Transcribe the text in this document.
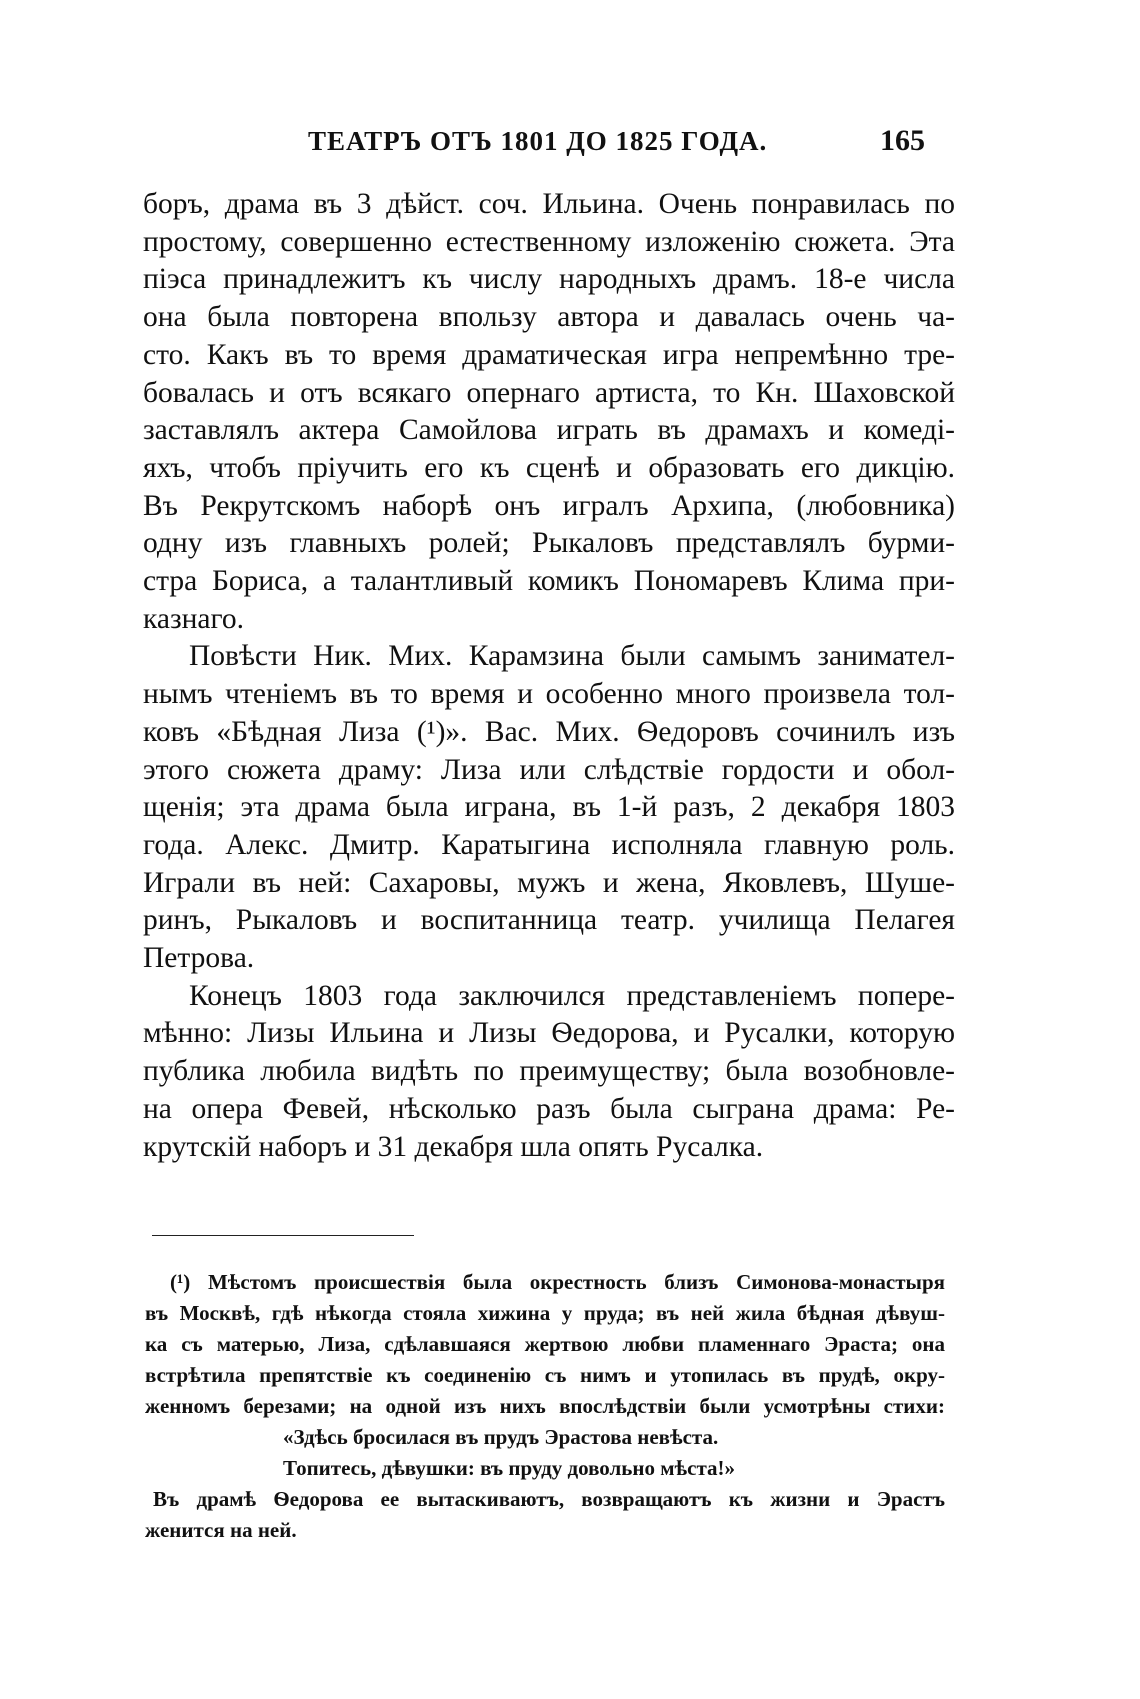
ТЕАТРЪ ОТЪ 1801 ДО 1825 ГОДА.	165

боръ, драма въ 3 дѣйст. соч. Ильина. Очень понравилась по
простому, совершенно естественному изложенію сюжета. Эта
піэса принадлежитъ къ числу народныхъ драмъ. 18-е числа
она была повторена впользу автора и давалась очень ча-
сто. Какъ въ то время драматическая игра непремѣнно тре-
бовалась и отъ всякаго опернаго артиста, то Кн. Шаховской
заставлялъ актера Самойлова играть въ драмахъ и комедi-
яхъ, чтобъ пріучить его къ сценѣ и образовать его дикцію.
Въ Рекрутскомъ наборѣ онъ игралъ Архипа, (любовника)
одну изъ главныхъ ролей; Рыкаловъ представлялъ бурми-
стра Бориса, а талантливый комикъ Пономаревъ Клима при-
казнаго.

Повѣсти Ник. Мих. Карамзина были самымъ занимател-
нымъ чтеніемъ въ то время и особенно много произвела тол-
ковъ «Бѣдная Лиза (¹)». Вас. Мих. Ѳедоровъ сочинилъ изъ
этого сюжета драму: Лиза или слѣдствіе гордости и обол-
щенія; эта драма была играна, въ 1-й разъ, 2 декабря 1803
года. Алекс. Дмитр. Каратыгина исполняла главную роль.
Играли въ ней: Сахаровы, мужъ и жена, Яковлевъ, Шуше-
ринъ, Рыкаловъ и воспитанница театр. училища Пелагея
Петрова.

Конецъ 1803 года заключился представленіемъ попере-
мѣнно: Лизы Ильина и Лизы Ѳедорова, и Русалки, которую
публика любила видѣть по преимуществу; была возобновле-
на опера Февей, нѣсколько разъ была сыграна драма: Ре-
крутскій наборъ и 31 декабря шла опять Русалка.

(¹) Мѣстомъ происшествія была окрестность близъ Симонова-монастыря
въ Москвѣ, гдѣ нѣкогда стояла хижина у пруда; въ ней жила бѣдная дѣвуш-
ка съ матерью, Лиза, сдѣлавшаяся жертвою любви пламеннаго Эраста; она
встрѣтила препятствіе къ соединенію съ нимъ и утопилась въ прудѣ, окру-
женномъ березами; на одной изъ нихъ впослѣдствіи были усмотрѣны стихи:
«Здѣсь бросилася въ прудъ Эрастова невѣста.
Топитесь, дѣвушки: въ пруду довольно мѣста!»
Въ драмѣ Ѳедорова ее вытаскиваютъ, возвращаютъ къ жизни и Эрастъ
женится на ней.
